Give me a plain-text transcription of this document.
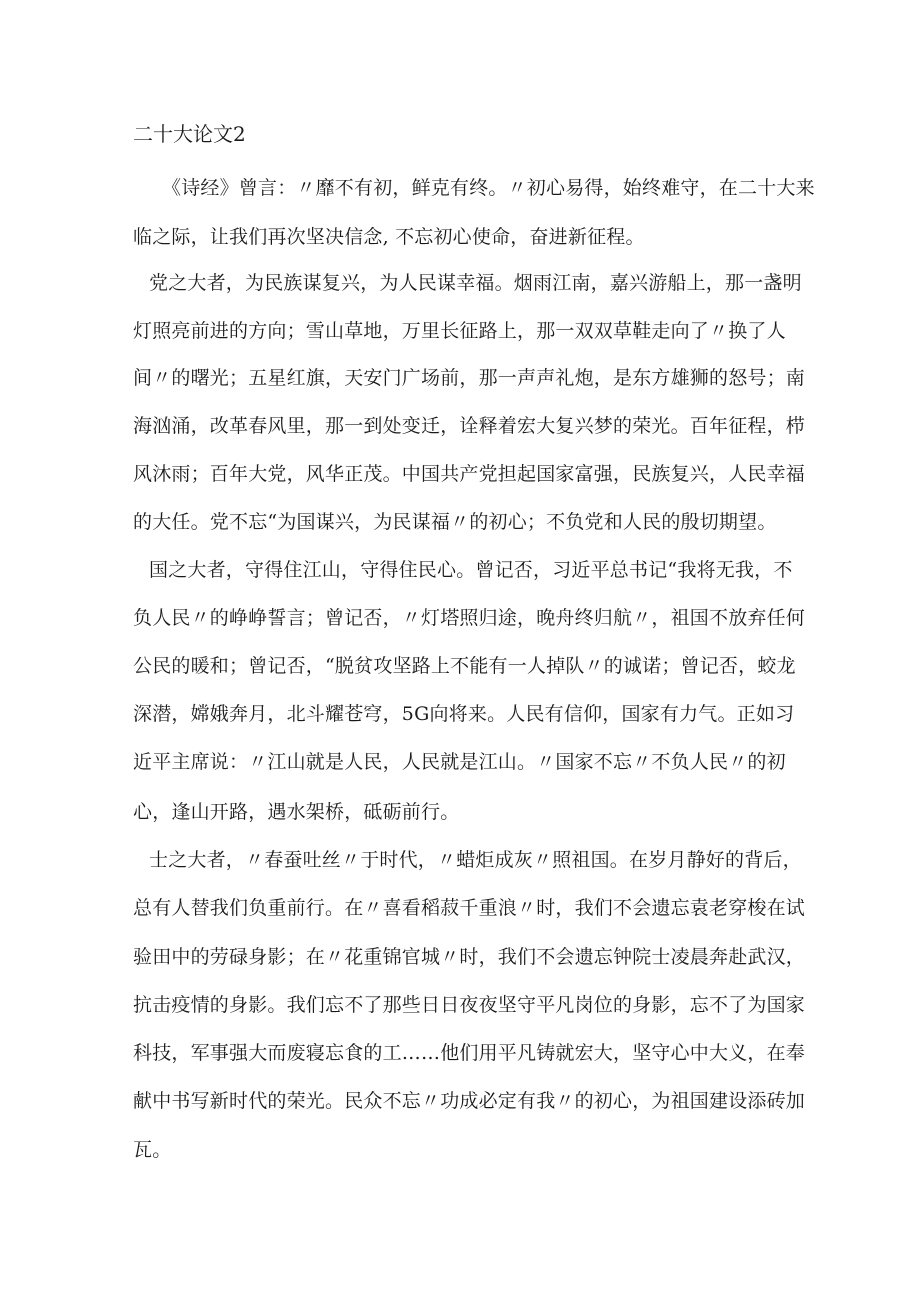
二十大论文2
《诗经》曾言：〃靡不有初，鲜克有终。〃初心易得，始终难守，在二十大来
临之际，让我们再次坚决信念, 不忘初心使命，奋进新征程。
党之大者，为民族谋复兴，为人民谋幸福。烟雨江南，嘉兴游船上，那一盏明
灯照亮前进的方向；雪山草地，万里长征路上，那一双双草鞋走向了〃换了人
间〃的曙光；五星红旗，天安门广场前，那一声声礼炮，是东方雄狮的怒号；南
海汹涌，改革春风里，那一到处变迁，诠释着宏大复兴梦的荣光。百年征程，栉
风沐雨；百年大党，风华正茂。中国共产党担起国家富强，民族复兴，人民幸福
的大任。党不忘“为国谋兴，为民谋福〃的初心；不负党和人民的殷切期望。
国之大者，守得住江山，守得住民心。曾记否，习近平总书记“我将无我，不
负人民〃的峥峥誓言；曾记否，〃灯塔照归途，晚舟终归航〃，祖国不放弃任何
公民的暖和；曾记否，“脱贫攻坚路上不能有一人掉队〃的诚诺；曾记否，蛟龙
深潜，嫦娥奔月，北斗耀苍穹，5G向将来。人民有信仰，国家有力气。正如习
近平主席说：〃江山就是人民，人民就是江山。〃国家不忘〃不负人民〃的初
心，逢山开路，遇水架桥，砥砺前行。
士之大者，〃春蚕吐丝〃于时代，〃蜡炬成灰〃照祖国。在岁月静好的背后，
总有人替我们负重前行。在〃喜看稻菽千重浪〃时，我们不会遗忘袁老穿梭在试
验田中的劳碌身影；在〃花重锦官城〃时，我们不会遗忘钟院士凌晨奔赴武汉，
抗击疫情的身影。我们忘不了那些日日夜夜坚守平凡岗位的身影，忘不了为国家
科技，军事强大而废寝忘食的工……他们用平凡铸就宏大，坚守心中大义，在奉
献中书写新时代的荣光。民众不忘〃功成必定有我〃的初心，为祖国建设添砖加
瓦。
